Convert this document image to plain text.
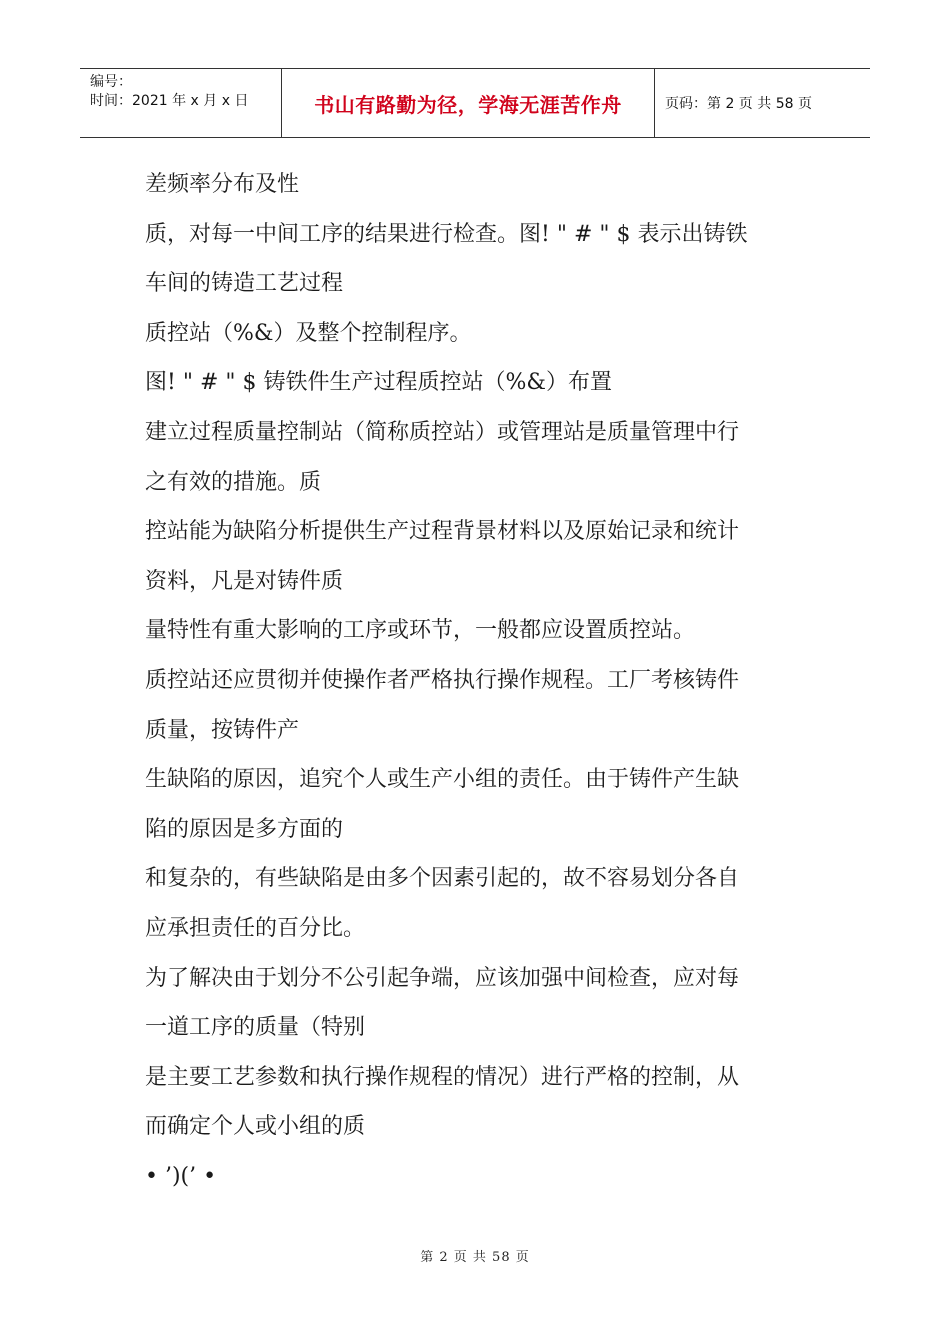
编号：
时间：2021 年 x 月 x 日	书山有路勤为径，学海无涯苦作舟	页码：第 2 页 共 58 页
差频率分布及性
质，对每一中间工序的结果进行检查。图! " # " $ 表示出铸铁
车间的铸造工艺过程
质控站（%&）及整个控制程序。
图! " # " $ 铸铁件生产过程质控站（%&）布置
建立过程质量控制站（简称质控站）或管理站是质量管理中行
之有效的措施。质
控站能为缺陷分析提供生产过程背景材料以及原始记录和统计
资料，凡是对铸件质
量特性有重大影响的工序或环节，一般都应设置质控站。
质控站还应贯彻并使操作者严格执行操作规程。工厂考核铸件
质量，按铸件产
生缺陷的原因，追究个人或生产小组的责任。由于铸件产生缺
陷的原因是多方面的
和复杂的，有些缺陷是由多个因素引起的，故不容易划分各自
应承担责任的百分比。
为了解决由于划分不公引起争端，应该加强中间检查，应对每
一道工序的质量（特别
是主要工艺参数和执行操作规程的情况）进行严格的控制，从
而确定个人或小组的质
• ’)(’ •
第 2 页 共 58 页
